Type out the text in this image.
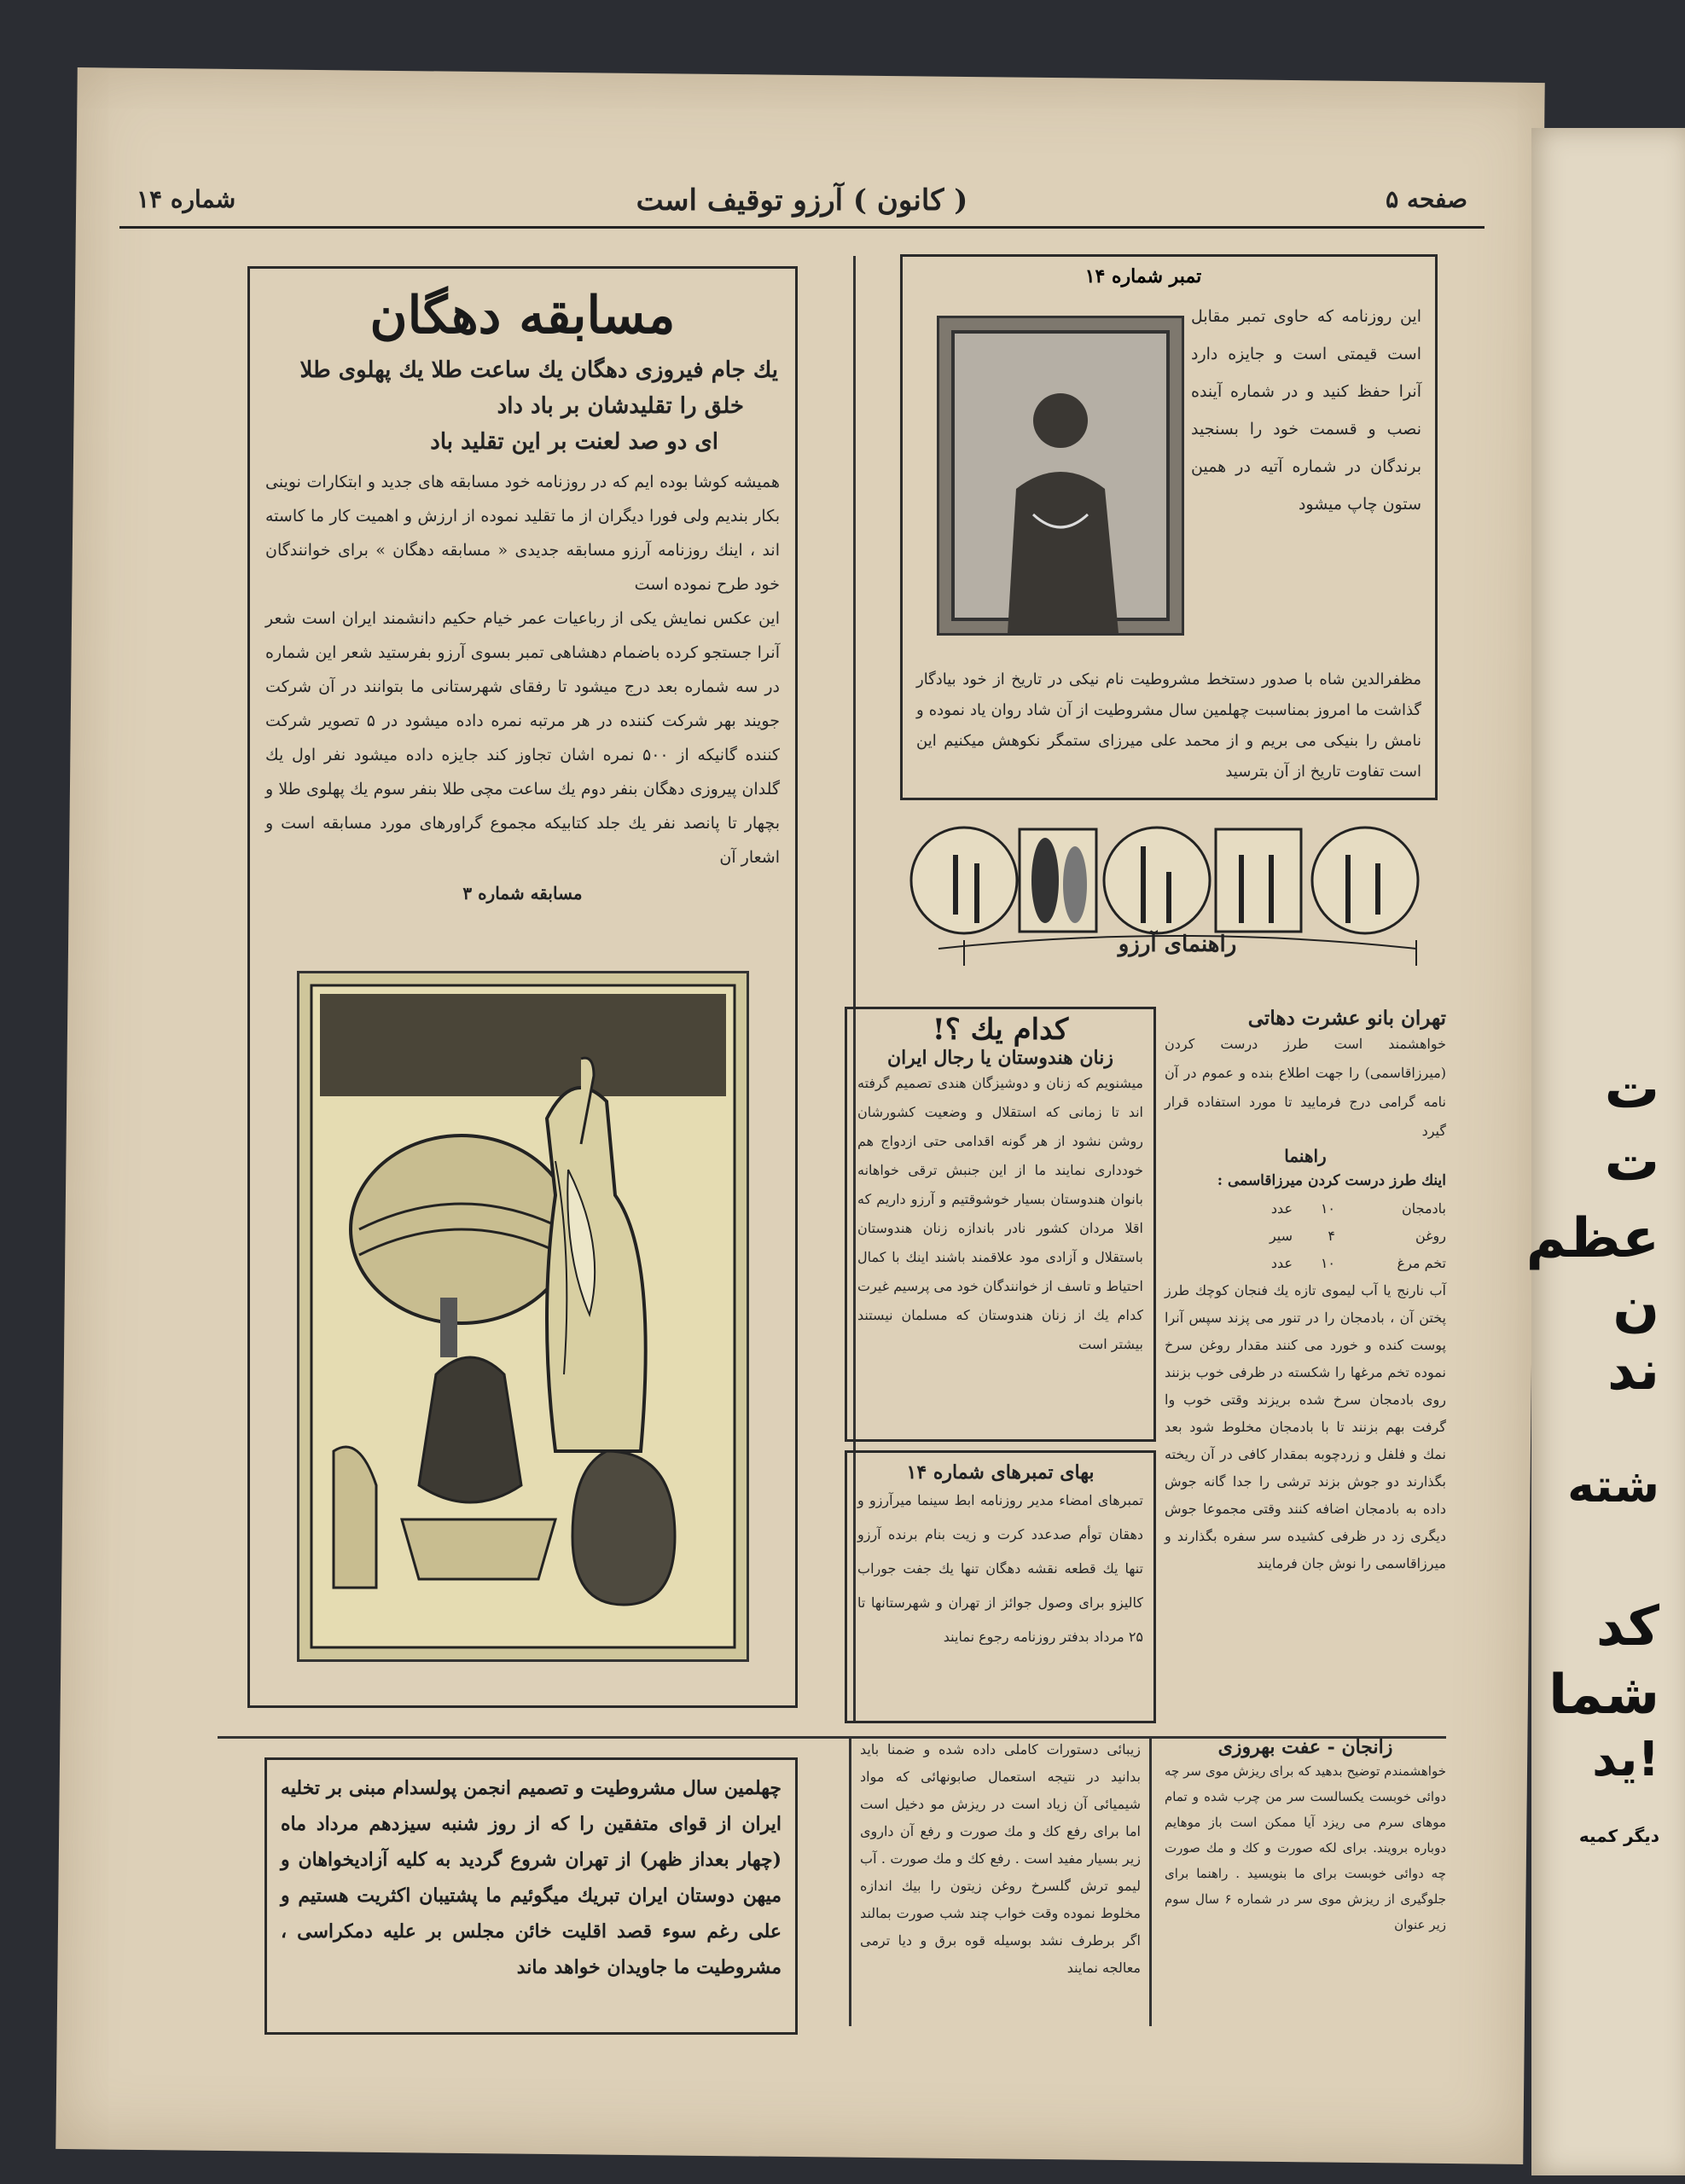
ت
ت
عظم
ن
ند
شته
کد
شما
ید!
دیگر کمیه
صفحه ۵
( کانون ) آرزو توقیف است
شماره ۱۴
مسابقه دهگان
یك جام فیروزی دهگان یك ساعت طلا یك پهلوی طلا
خلق را تقلیدشان بر باد داد
ای دو صد لعنت بر این تقلید باد
همیشه کوشا بوده ایم که در روزنامه خود مسابقه های جدید و ابتکارات نوینی بکار بندیم ولی فورا دیگران از ما تقلید نموده از ارزش و اهمیت کار ما کاسته اند ، اینك روزنامه آرزو مسابقه جدیدی « مسابقه دهگان » برای خوانندگان خود طرح نموده است
این عکس نمایش یکی از رباعیات عمر خیام حکیم دانشمند ایران است شعر آنرا جستجو کرده باضمام دهشاهی تمبر بسوی آرزو بفرستید شعر این شماره در سه شماره بعد درج میشود تا رفقای شهرستانی ما بتوانند در آن شرکت جویند بهر شرکت کننده در هر مرتبه نمره داده میشود در ۵ تصویر شرکت کننده گانیکه از ۵۰۰ نمره اشان تجاوز کند جایزه داده میشود نفر اول یك گلدان پیروزی دهگان بنفر دوم یك ساعت مچی طلا بنفر سوم یك پهلوی طلا و بچهار تا پانصد نفر یك جلد کتابیکه مجموع گراورهای مورد مسابقه است و اشعار آن
مسابقه شماره ۳
تمبر شماره ۱۴
این روزنامه که حاوی تمبر مقابل است قیمتی است و جایزه دارد آنرا حفظ کنید و در شماره آینده نصب و قسمت خود را بسنجید برندگان در شماره آتیه در همین ستون چاپ میشود
مظفرالدین شاه با صدور دستخط مشروطیت نام نیکی در تاریخ از خود بیادگار گذاشت ما امروز بمناسبت چهلمین سال مشروطیت از آن شاد روان یاد نموده و نامش را بنیکی می بریم و از محمد علی میرزای ستمگر نکوهش میکنیم این است تفاوت تاریخ از آن بترسید
راهنمای آرزو
کدام یك ؟!
زنان هندوستان یا رجال ایران
میشنویم که زنان و دوشیزگان هندی تصمیم گرفته اند تا زمانی که استقلال و وضعیت کشورشان روشن نشود از هر گونه اقدامی حتی ازدواج هم خودداری نمایند ما از این جنبش ترقی خواهانه بانوان هندوستان بسیار خوشوقتیم و آرزو داریم که اقلا مردان کشور نادر باندازه زنان هندوستان باستقلال و آزادی مود علاقمند باشند اینك با کمال احتیاط و تاسف از خوانندگان خود می پرسیم غیرت کدام یك از زنان هندوستان که مسلمان نیستند بیشتر است
بهای تمبرهای شماره ۱۴
تمبرهای امضاء مدیر روزنامه ابط سینما میرآرزو و دهقان توأم صدعدد کرت و زیت بنام برنده آرزو تنها یك قطعه نقشه دهگان تنها یك جفت جوراب کالیزو برای وصول جوائز از تهران و شهرستانها تا ۲۵ مرداد بدفتر روزنامه رجوع نمایند
تهران بانو عشرت دهاتی
خواهشمند است طرز درست کردن (میرزاقاسمی) را جهت اطلاع بنده و عموم در آن نامه گرامی درج فرمایید تا مورد استفاده قرار گیرد
راهنما
اینك طرز درست کردن میرزاقاسمی :
بادمجان
۱۰
عدد
روغن
۴
سیر
تخم مرغ
۱۰
عدد
آب نارنج یا آب لیموی تازه یك فنجان کوچك طرز پختن آن ، بادمجان را در تنور می پزند سپس آنرا پوست کنده و خورد می کنند مقدار روغن سرخ نموده تخم مرغها را شکسته در ظرفی خوب بزنند روی بادمجان سرخ شده بریزند وقتی خوب وا گرفت بهم بزنند تا با بادمجان مخلوط شود بعد نمك و فلفل و زردچوبه بمقدار کافی در آن ریخته بگذارند دو جوش بزند ترشی را جدا گانه جوش داده به بادمجان اضافه کنند وقتی مجموعا جوش دیگری زد در ظرفی کشیده سر سفره بگذارند و میرزاقاسمی را نوش جان فرمایند
زانجان - عفت بهروزی
خواهشمندم توضیح بدهید که برای ریزش موی سر چه دوائی خوبست یکسالست سر من چرب شده و تمام موهای سرم می ریزد آیا ممکن است باز موهایم دوباره برویند. برای لکه صورت و کك و مك صورت چه دوائی خوبست برای ما بنویسید . راهنما برای جلوگیری از ریزش موی سر در شماره ۶ سال سوم زیر عنوان
زیبائی دستورات کاملی داده شده و ضمنا باید بدانید در نتیجه استعمال صابونهائی که مواد شیمیائی آن زیاد است در ریزش مو دخیل است اما برای رفع کك و مك صورت و رفع آن داروی زیر بسیار مفید است . رفع کك و مك صورت . آب لیمو ترش گلسرخ روغن زیتون را بیك اندازه مخلوط نموده وقت خواب چند شب صورت بمالند اگر برطرف نشد بوسیله قوه برق و دیا ترمی معالجه نمایند
چهلمین سال مشروطیت و تصمیم انجمن پولسدام مبنی بر تخلیه ایران از قوای متفقین را که از روز شنبه سیزدهم مرداد ماه (چهار بعداز ظهر) از تهران شروع گردید به کلیه آزادیخواهان و میهن دوستان ایران تبریك میگوئیم ما پشتیبان اکثریت هستیم و علی رغم سوء قصد اقلیت خائن مجلس بر علیه دمکراسی ، مشروطیت ما جاویدان خواهد ماند
